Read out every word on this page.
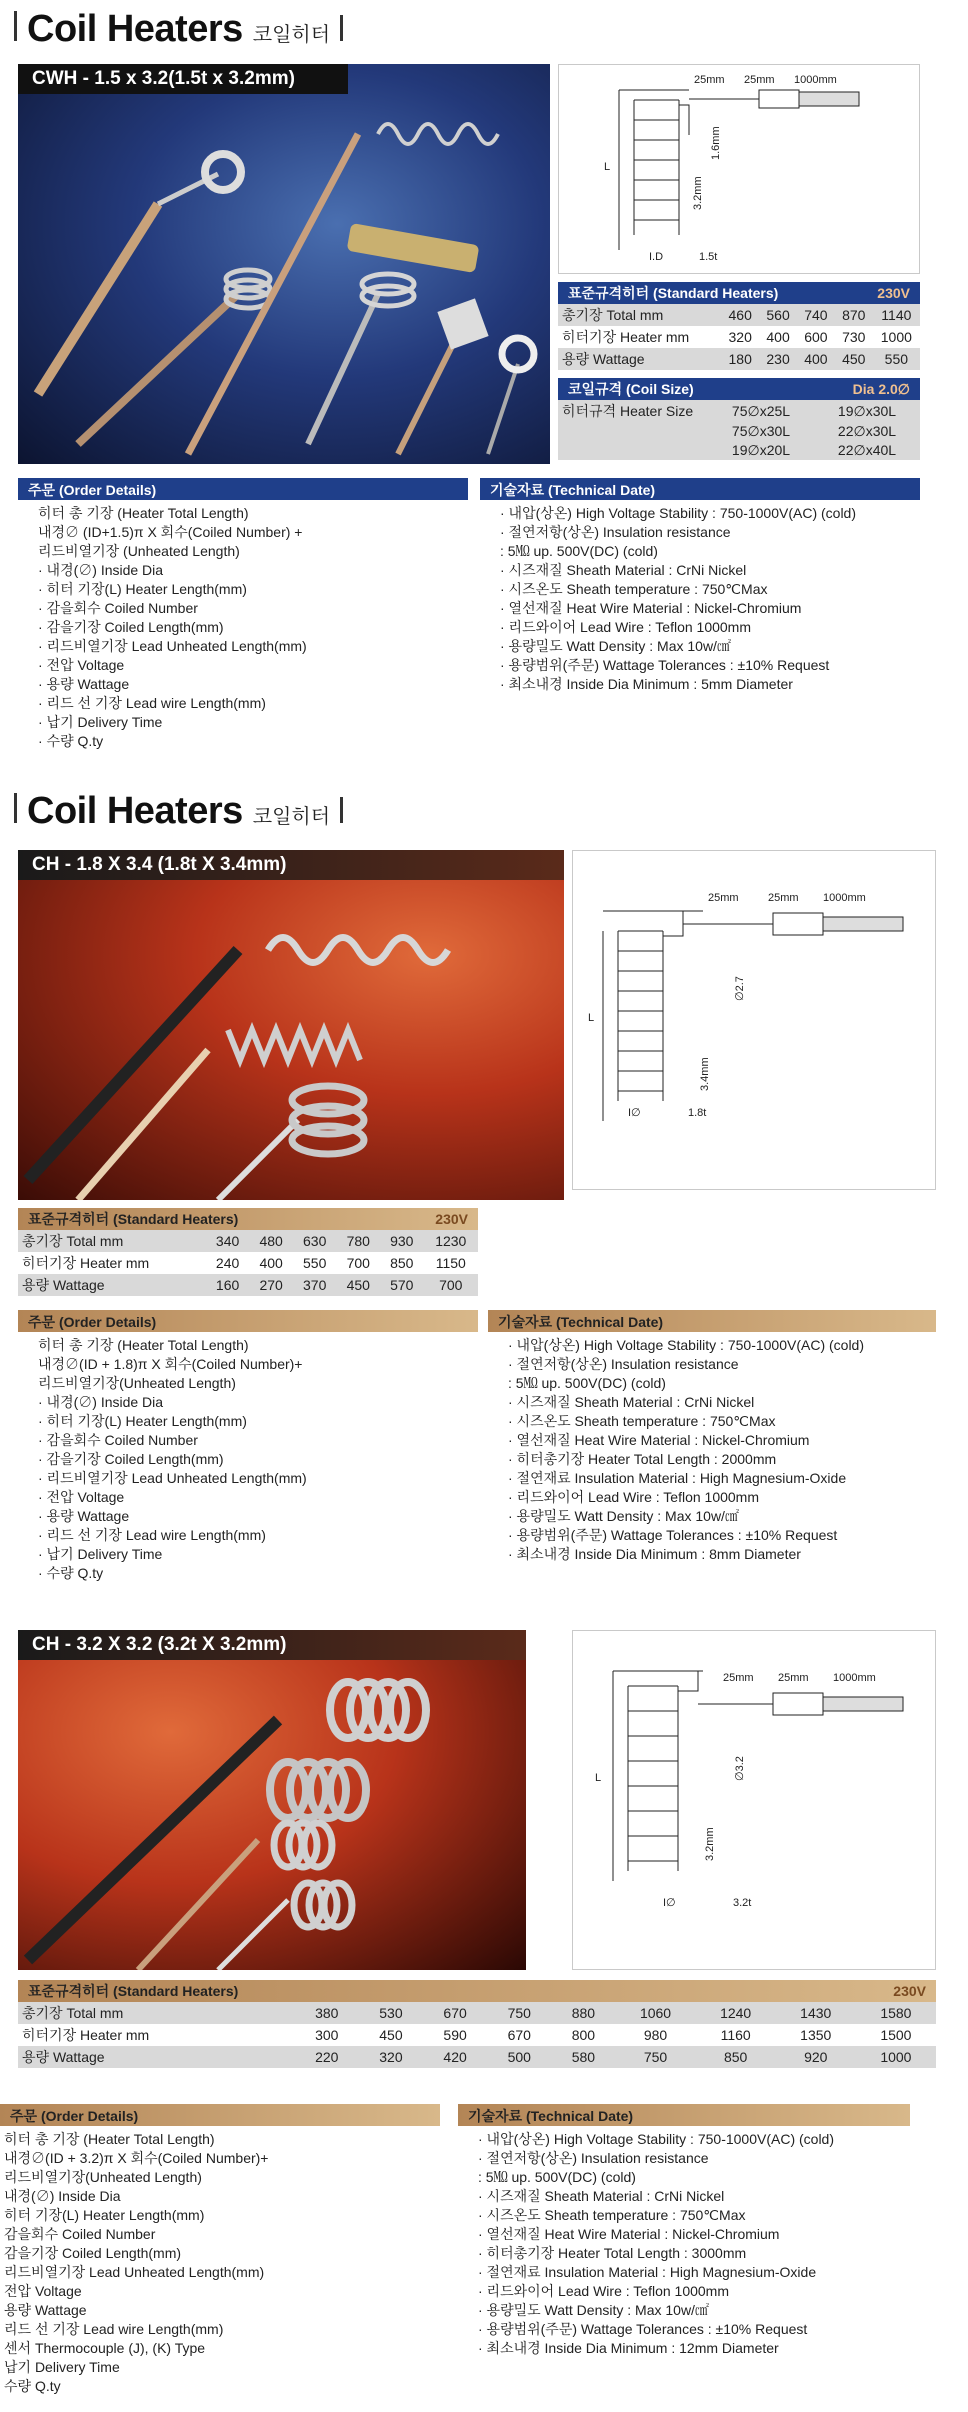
Coil Heaters 코일히터
CWH - 1.5 x 3.2(1.5t x 3.2mm)	25mm 25mm 1000mm
1.6mm
3.2mm
L
I.D	1.5t
표준규격히터 (Standard Heaters)	230V
총기장 Total mm	460	560	740	870	1140
히터기장 Heater mm	320	400	600	730	1000
용량 Wattage	180	230	400	450	550
코일규격 (Coil Size)	Dia 2.0∅
히터규격 Heater Size	75∅x25L	19∅x30L
	75∅x30L	22∅x30L
	19∅x20L	22∅x40L
주문 (Order Details)
히터 총 기장 (Heater Total Length)
내경∅ (ID+1.5)π X 회수(Coiled Number) +
리드비열기장 (Unheated Length)
· 내경(∅) Inside Dia
· 히터 기장(L) Heater Length(mm)
· 감을회수 Coiled Number
· 감을기장 Coiled Length(mm)
· 리드비열기장 Lead Unheated Length(mm)
· 전압 Voltage
· 용량 Wattage
· 리드 선 기장 Lead wire Length(mm)
· 납기 Delivery Time
· 수량 Q.ty
기술자료 (Technical Date)
· 내압(상온) High Voltage Stability : 750-1000V(AC) (cold)
· 절연저항(상온) Insulation resistance
: 5㏁ up. 500V(DC) (cold)
· 시즈재질 Sheath Material : CrNi Nickel
· 시즈온도 Sheath temperature : 750℃Max
· 열선재질 Heat Wire Material : Nickel-Chromium
· 리드와이어 Lead Wire : Teflon 1000mm
· 용량밀도 Watt Density : Max 10w/㎠
· 용량범위(주문) Wattage Tolerances : ±10% Request
· 최소내경 Inside Dia Minimum : 5mm Diameter
Coil Heaters 코일히터
CH - 1.8 X 3.4 (1.8t X 3.4mm)
25mm	25mm 1000mm
∅2.7
3.4mm
L
I∅	1.8t
표준규격히터 (Standard Heaters)	230V
총기장 Total mm	340	480	630	780	930	1230
히터기장 Heater mm	240	400	550	700	850	1150
용량 Wattage	160	270	370	450	570	700
주문 (Order Details)
히터 총 기장 (Heater Total Length)
내경∅(ID + 1.8)π X 회수(Coiled Number)+
리드비열기장(Unheated Length)
· 내경(∅) Inside Dia
· 히터 기장(L) Heater Length(mm)
· 감을회수 Coiled Number
· 감을기장 Coiled Length(mm)
· 리드비열기장 Lead Unheated Length(mm)
· 전압 Voltage
· 용량 Wattage
· 리드 선 기장 Lead wire Length(mm)
· 납기 Delivery Time
· 수량 Q.ty
기술자료 (Technical Date)
· 내압(상온) High Voltage Stability : 750-1000V(AC) (cold)
· 절연저항(상온) Insulation resistance
: 5㏁ up. 500V(DC) (cold)
· 시즈재질 Sheath Material : CrNi Nickel
· 시즈온도 Sheath temperature : 750℃Max
· 열선재질 Heat Wire Material : Nickel-Chromium
· 히터총기장 Heater Total Length : 2000mm
· 절연재료 Insulation Material : High Magnesium-Oxide
· 리드와이어 Lead Wire : Teflon 1000mm
· 용량밀도 Watt Density : Max 10w/㎠
· 용량범위(주문) Wattage Tolerances : ±10% Request
· 최소내경 Inside Dia Minimum : 8mm Diameter
CH - 3.2 X 3.2 (3.2t X 3.2mm)
25mm 25mm 1000mm
∅3.2
3.2mm
L
I∅	3.2t
표준규격히터 (Standard Heaters)	230V
총기장 Total mm	380	530	670	750	880	1060	1240	1430	1580
히터기장 Heater mm	300	450	590	670	800	980	1160	1350	1500
용량 Wattage	220	320	420	500	580	750	850	920	1000
주문 (Order Details)
히터 총 기장 (Heater Total Length)
내경∅(ID + 3.2)π X 회수(Coiled Number)+
리드비열기장(Unheated Length)
내경(∅) Inside Dia
히터 기장(L) Heater Length(mm)
감을회수 Coiled Number
감을기장 Coiled Length(mm)
리드비열기장 Lead Unheated Length(mm)
전압 Voltage
용량 Wattage
리드 선 기장 Lead wire Length(mm)
센서 Thermocouple (J), (K) Type
납기 Delivery Time
수량 Q.ty
기술자료 (Technical Date)
· 내압(상온) High Voltage Stability : 750-1000V(AC) (cold)
· 절연저항(상온) Insulation resistance
: 5㏁ up. 500V(DC) (cold)
· 시즈재질 Sheath Material : CrNi Nickel
· 시즈온도 Sheath temperature : 750℃Max
· 열선재질 Heat Wire Material : Nickel-Chromium
· 히터총기장 Heater Total Length : 3000mm
· 절연재료 Insulation Material : High Magnesium-Oxide
· 리드와이어 Lead Wire : Teflon 1000mm
· 용량밀도 Watt Density : Max 10w/㎠
· 용량범위(주문) Wattage Tolerances : ±10% Request
· 최소내경 Inside Dia Minimum : 12mm Diameter
